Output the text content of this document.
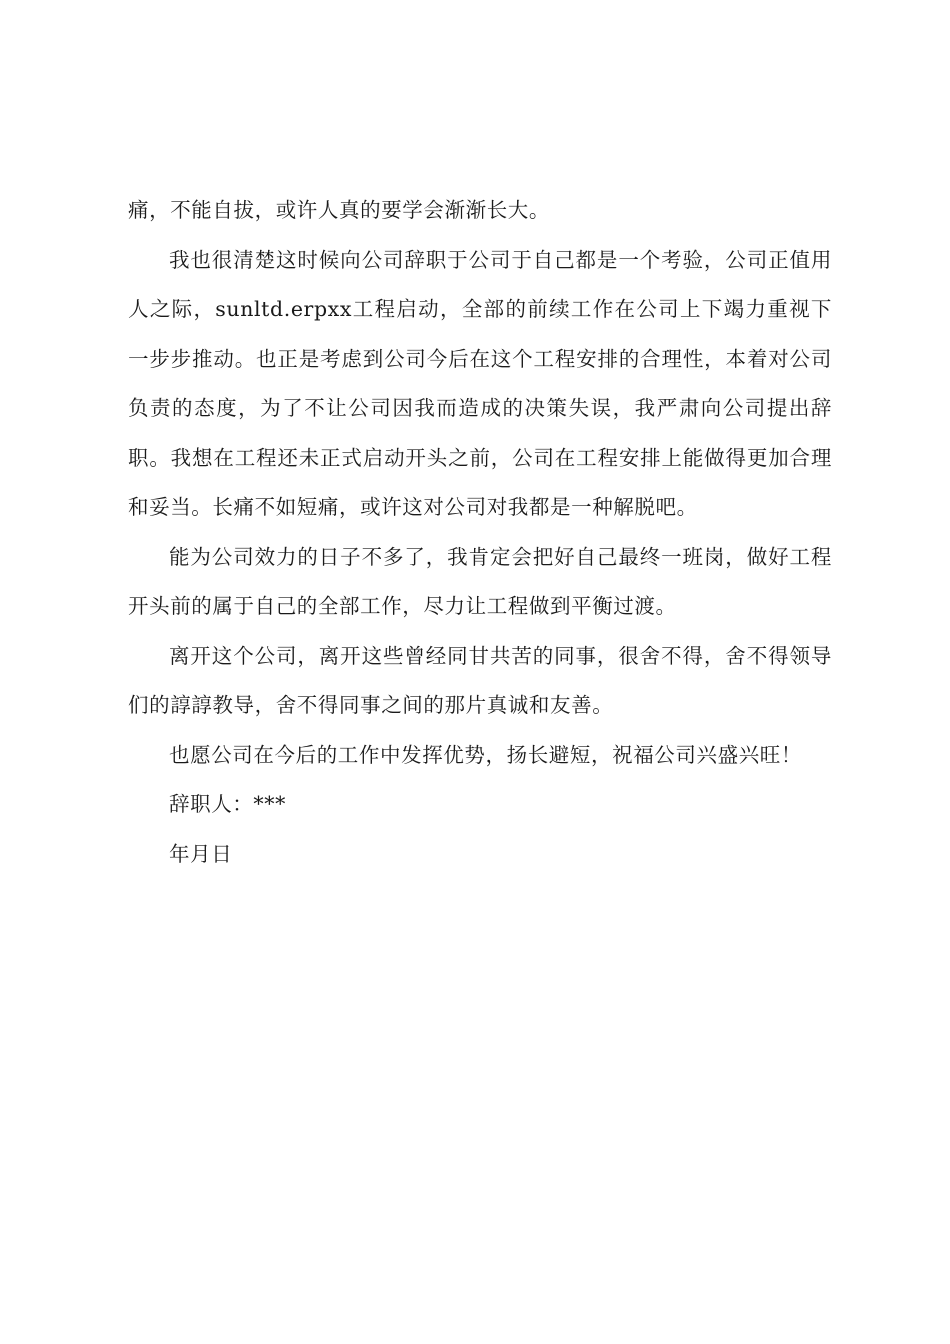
痛，不能自拔，或许人真的要学会渐渐长大。

我也很清楚这时候向公司辞职于公司于自己都是一个考验，公司正值用人之际，sunltd.erpxx工程启动，全部的前续工作在公司上下竭力重视下一步步推动。也正是考虑到公司今后在这个工程安排的合理性，本着对公司负责的态度，为了不让公司因我而造成的决策失误，我严肃向公司提出辞职。我想在工程还未正式启动开头之前，公司在工程安排上能做得更加合理和妥当。长痛不如短痛，或许这对公司对我都是一种解脱吧。

能为公司效力的日子不多了，我肯定会把好自己最终一班岗，做好工程开头前的属于自己的全部工作，尽力让工程做到平衡过渡。

离开这个公司，离开这些曾经同甘共苦的同事，很舍不得，舍不得领导们的諄諄教导，舍不得同事之间的那片真诚和友善。

也愿公司在今后的工作中发挥优势，扬长避短，祝福公司兴盛兴旺！

辞职人：***

年月日
